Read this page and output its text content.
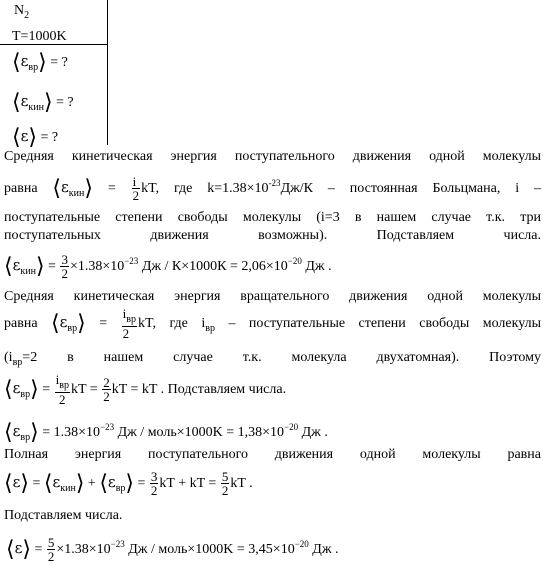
$N_2$
T=1000K
$⟨\varepsilon_{вр}⟩$ = ?
$⟨\varepsilon_{кин}⟩$ = ?
⟨ε⟩ = ?
Средняя кинетическая энергия поступательного движения одной молекулы
равна $⟨\varepsilon_{кин}⟩ = \frac{i}{2}$ kT, где $k=1.38\times 10^{-23}Дж/К$ – постоянная Больцмана, i –
поступательные степени свободы молекулы (i=3 в нашем случае т.к. три
поступательных движения возможны). Подставляем числа.
$⟨\varepsilon_{кин}⟩ = \frac{3}{2} \times 1.38\times 10^{-23}$ Дж / $К\times 1000К = 2,06\times 10^{-20}$ Дж .
Средняя кинетическая энергия вращательного движения одной молекулы
равна $⟨\varepsilon_{вр}⟩ = \frac{i_{вр}}{2}$ kT, где $i_{вр}$ – поступательные степени свободы молекулы
($i_{вр}=2$ в нашем случае т.к. молекула двухатомная). Поэтому
$⟨\varepsilon_{вр}⟩ = \frac{i_{вр}}{2}$ kT = $\frac{2}{2}$ kT = kT . Подставляем числа.
$⟨\varepsilon_{вр}⟩ = 1.38\times 10^{-23}$ Дж / моль×1000K = $1,38\times 10^{-20}$ Дж .
Полная энергия поступательного движения одной молекулы равна
⟨ε⟩ = $⟨\varepsilon_{кин}⟩$ + $⟨\varepsilon_{вр}⟩ = \frac{3}{2}$ kT + kT = $\frac{5}{2}$ kT .
Подставляем числа.
⟨ε⟩ = $\frac{5}{2} \times 1.38\times 10^{-23}$ Дж / моль×1000K = $3,45\times 10^{-20}$ Дж .
